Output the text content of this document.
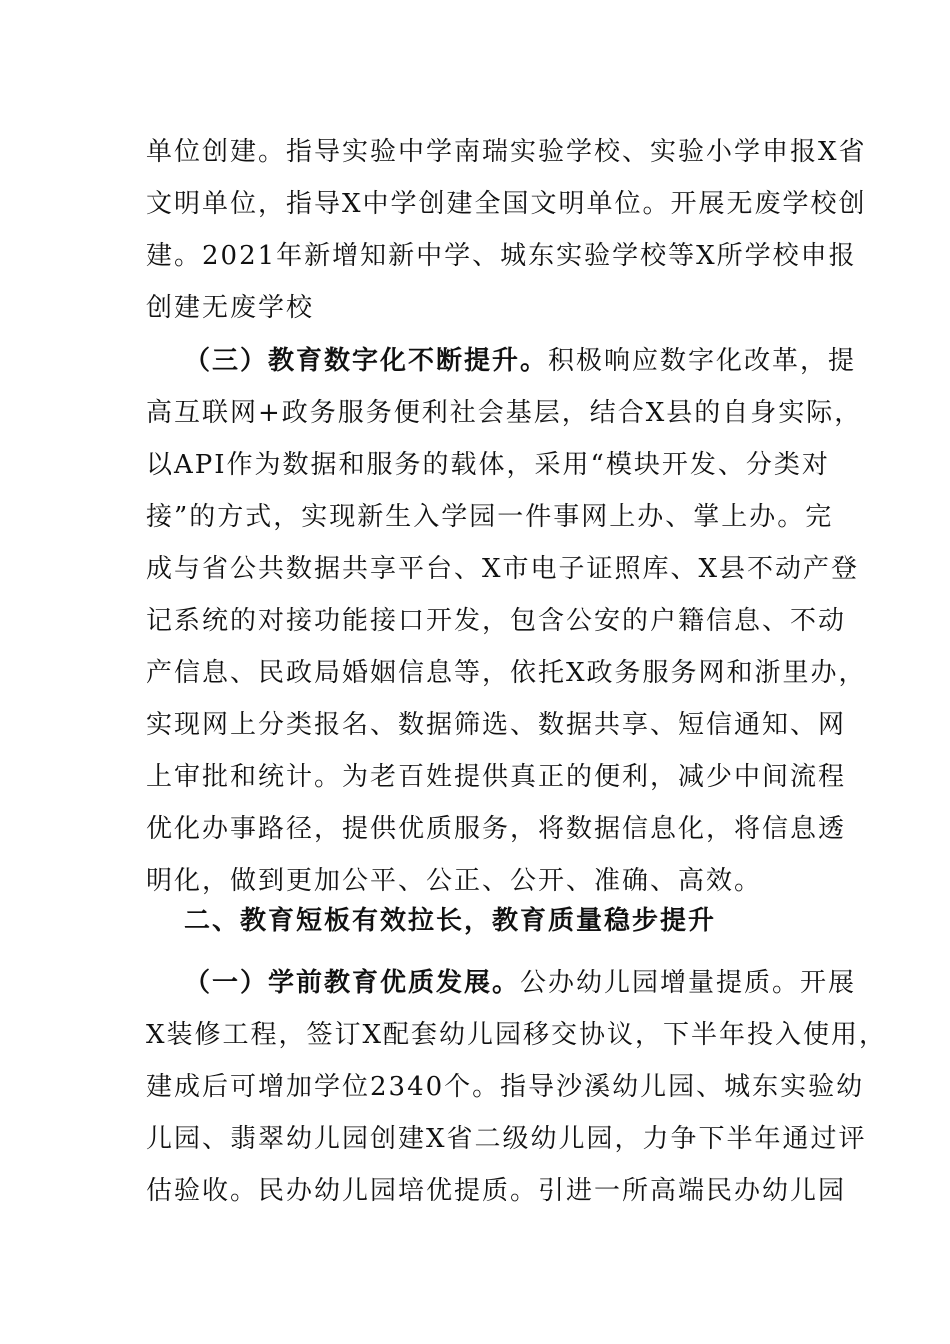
单位创建。指导实验中学南瑞实验学校、实验小学申报X省
文明单位，指导X中学创建全国文明单位。开展无废学校创
建。2021年新增知新中学、城东实验学校等X所学校申报
创建无废学校
（三）教育数字化不断提升。积极响应数字化改革，提
高互联网+政务服务便利社会基层，结合X县的自身实际，
以API作为数据和服务的载体，采用“模块开发、分类对
接”的方式，实现新生入学园一件事网上办、掌上办。完
成与省公共数据共享平台、X市电子证照库、X县不动产登
记系统的对接功能接口开发，包含公安的户籍信息、不动
产信息、民政局婚姻信息等，依托X政务服务网和浙里办，
实现网上分类报名、数据筛选、数据共享、短信通知、网
上审批和统计。为老百姓提供真正的便利，减少中间流程
优化办事路径，提供优质服务，将数据信息化，将信息透
明化，做到更加公平、公正、公开、准确、高效。
二、教育短板有效拉长，教育质量稳步提升
（一）学前教育优质发展。公办幼儿园增量提质。开展
X装修工程，签订X配套幼儿园移交协议，下半年投入使用，
建成后可增加学位2340个。指导沙溪幼儿园、城东实验幼
儿园、翡翠幼儿园创建X省二级幼儿园，力争下半年通过评
估验收。民办幼儿园培优提质。引进一所高端民办幼儿园
